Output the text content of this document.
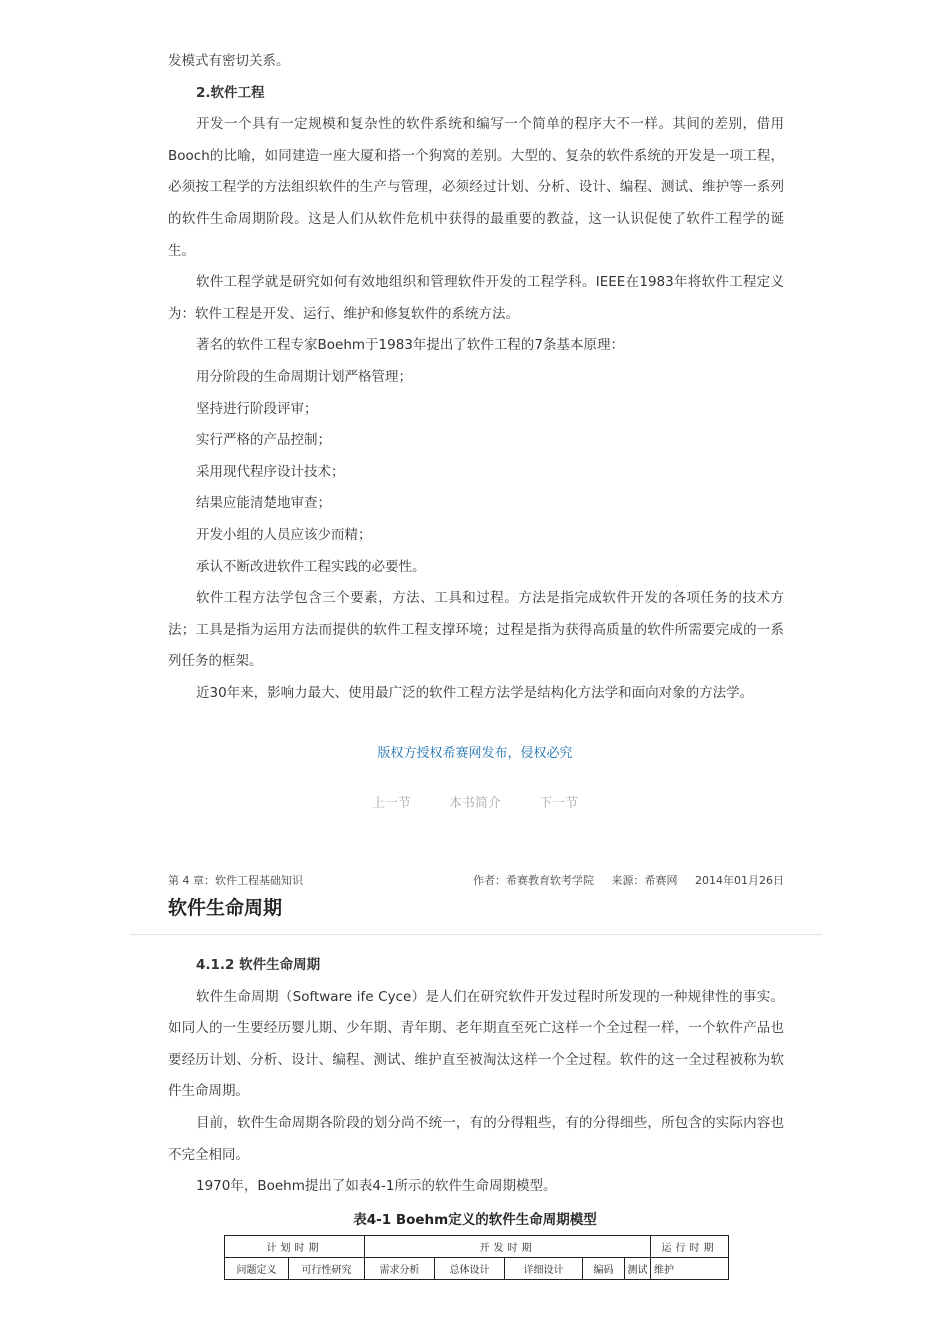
发模式有密切关系。

2.软件工程

开发一个具有一定规模和复杂性的软件系统和编写一个简单的程序大不一样。其间的差别，借用Booch的比喻，如同建造一座大厦和搭一个狗窝的差别。大型的、复杂的软件系统的开发是一项工程，必须按工程学的方法组织软件的生产与管理，必须经过计划、分析、设计、编程、测试、维护等一系列的软件生命周期阶段。这是人们从软件危机中获得的最重要的教益，这一认识促使了软件工程学的诞生。

软件工程学就是研究如何有效地组织和管理软件开发的工程学科。IEEE在1983年将软件工程定义为：软件工程是开发、运行、维护和修复软件的系统方法。

著名的软件工程专家Boehm于1983年提出了软件工程的7条基本原理：

用分阶段的生命周期计划严格管理；
坚持进行阶段评审；
实行严格的产品控制；
采用现代程序设计技术；
结果应能清楚地审查；
开发小组的人员应该少而精；
承认不断改进软件工程实践的必要性。

软件工程方法学包含三个要素，方法、工具和过程。方法是指完成软件开发的各项任务的技术方法；工具是指为运用方法而提供的软件工程支撑环境；过程是指为获得高质量的软件所需要完成的一系列任务的框架。

近30年来，影响力最大、使用最广泛的软件工程方法学是结构化方法学和面向对象的方法学。

版权方授权希赛网发布，侵权必究
上一节	本书简介	下一节
第 4 章：软件工程基础知识	作者：希赛教育软考学院 来源：希赛网 2014年01月26日
软件生命周期
4.1.2 软件生命周期

软件生命周期（Software ife Cyce）是人们在研究软件开发过程时所发现的一种规律性的事实。如同人的一生要经历婴儿期、少年期、青年期、老年期直至死亡这样一个全过程一样，一个软件产品也要经历计划、分析、设计、编程、测试、维护直至被淘汰这样一个全过程。软件的这一全过程被称为软件生命周期。

目前，软件生命周期各阶段的划分尚不统一，有的分得粗些，有的分得细些，所包含的实际内容也不完全相同。

1970年，Boehm提出了如表4-1所示的软件生命周期模型。

表4-1 Boehm定义的软件生命周期模型
计划时期		开发时期					运行时期
问题定义	可行性研究	需求分析	总体设计	详细设计	编码	测试	维护
